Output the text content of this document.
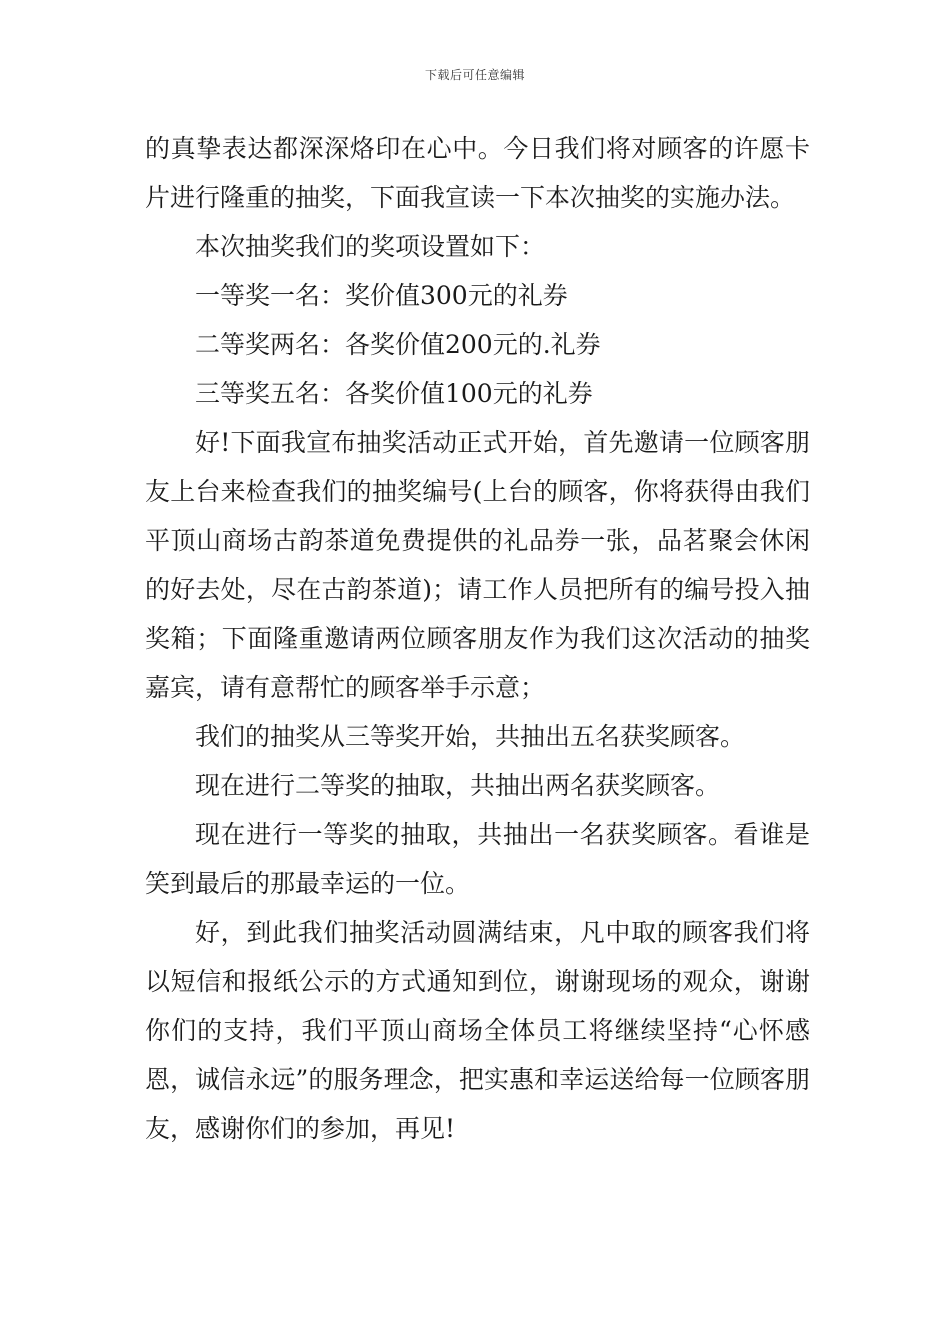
下载后可任意编辑

的真挚表达都深深烙印在心中。今日我们将对顾客的许愿卡片进行隆重的抽奖，下面我宣读一下本次抽奖的实施办法。

本次抽奖我们的奖项设置如下：

一等奖一名：奖价值300元的礼券

二等奖两名：各奖价值200元的.礼券

三等奖五名：各奖价值100元的礼券

好!下面我宣布抽奖活动正式开始，首先邀请一位顾客朋友上台来检查我们的抽奖编号(上台的顾客，你将获得由我们平顶山商场古韵茶道免费提供的礼品券一张，品茗聚会休闲的好去处，尽在古韵茶道)；请工作人员把所有的编号投入抽奖箱；下面隆重邀请两位顾客朋友作为我们这次活动的抽奖嘉宾，请有意帮忙的顾客举手示意；

我们的抽奖从三等奖开始，共抽出五名获奖顾客。

现在进行二等奖的抽取，共抽出两名获奖顾客。

现在进行一等奖的抽取，共抽出一名获奖顾客。看谁是笑到最后的那最幸运的一位。

好，到此我们抽奖活动圆满结束，凡中取的顾客我们将以短信和报纸公示的方式通知到位，谢谢现场的观众，谢谢你们的支持，我们平顶山商场全体员工将继续坚持“心怀感恩，诚信永远”的服务理念，把实惠和幸运送给每一位顾客朋友，感谢你们的参加，再见!
